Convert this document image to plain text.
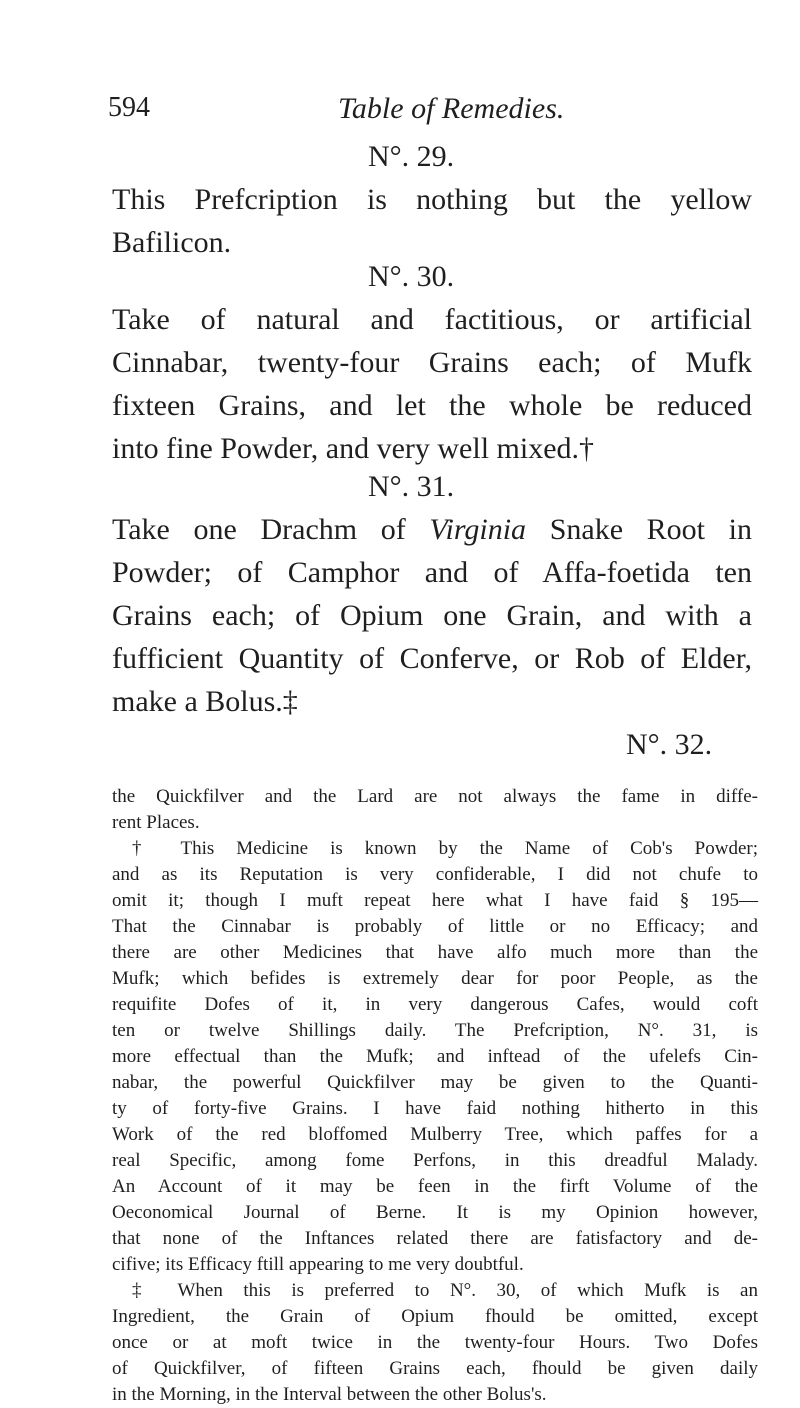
594	Table of Remedies.
N°. 29.
This Prefcription is nothing but the yellow
Bafilicon.
N°. 30.
Take of natural and factitious, or artificial
Cinnabar, twenty-four Grains each; of Mufk
fixteen Grains, and let the whole be reduced
into fine Powder, and very well mixed.†
N°. 31.
Take one Drachm of Virginia Snake Root in
Powder; of Camphor and of Affa-foetida ten
Grains each; of Opium one Grain, and with a
fufficient Quantity of Conferve, or Rob of Elder,
make a Bolus.‡
N°. 32.
the Quickfilver and the Lard are not always the fame in diffe-
rent Places.
† This Medicine is known by the Name of Cob's Powder;
and as its Reputation is very confiderable, I did not chufe to
omit it; though I muft repeat here what I have faid § 195—
That the Cinnabar is probably of little or no Efficacy; and
there are other Medicines that have alfo much more than the
Mufk; which befides is extremely dear for poor People, as the
requifite Dofes of it, in very dangerous Cafes, would coft
ten or twelve Shillings daily. The Prefcription, N°. 31, is
more effectual than the Mufk; and inftead of the ufelefs Cin-
nabar, the powerful Quickfilver may be given to the Quanti-
ty of forty-five Grains. I have faid nothing hitherto in this
Work of the red bloffomed Mulberry Tree, which paffes for a
real Specific, among fome Perfons, in this dreadful Malady.
An Account of it may be feen in the firft Volume of the
Oeconomical Journal of Berne. It is my Opinion however,
that none of the Inftances related there are fatisfactory and de-
cifive; its Efficacy ftill appearing to me very doubtful.
‡ When this is preferred to N°. 30, of which Mufk is an
Ingredient, the Grain of Opium fhould be omitted, except
once or at moft twice in the twenty-four Hours. Two Dofes
of Quickfilver, of fifteen Grains each, fhould be given daily
in the Morning, in the Interval between the other Bolus's.
